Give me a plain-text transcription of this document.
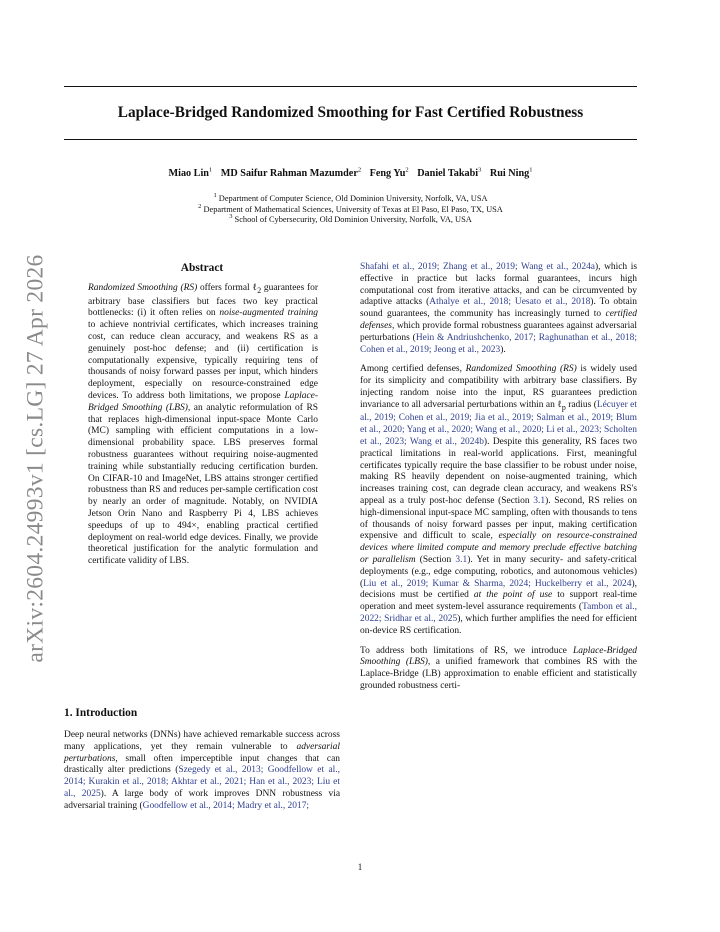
arXiv:2604.24993v1 [cs.LG] 27 Apr 2026
Laplace-Bridged Randomized Smoothing for Fast Certified Robustness
Miao Lin$^1$ MD Saifur Rahman Mazumder$^2$ Feng Yu$^2$ Daniel Takabi$^3$ Rui Ning$^1$
$^1$ Department of Computer Science, Old Dominion University, Norfolk, VA, USA
$^2$ Department of Mathematical Sciences, University of Texas at El Paso, El Paso, TX, USA
$^3$ School of Cybersecurity, Old Dominion University, Norfolk, VA, USA
Abstract

Randomized Smoothing (RS) offers formal ℓ$_2$ guarantees for arbitrary base classifiers but faces two key practical bottlenecks: (i) it often relies on noise-augmented training to achieve nontrivial certificates, which increases training cost, can reduce clean accuracy, and weakens RS as a genuinely post-hoc defense; and (ii) certification is computationally expensive, typically requiring tens of thousands of noisy forward passes per input, which hinders deployment, especially on resource-constrained edge devices. To address both limitations, we propose Laplace-Bridged Smoothing (LBS), an analytic reformulation of RS that replaces high-dimensional input-space Monte Carlo (MC) sampling with efficient computations in a low-dimensional probability space. LBS preserves formal robustness guarantees without requiring noise-augmented training while substantially reducing certification burden. On CIFAR-10 and ImageNet, LBS attains stronger certified robustness than RS and reduces per-sample certification cost by nearly an order of magnitude. Notably, on NVIDIA Jetson Orin Nano and Raspberry Pi 4, LBS achieves speedups of up to 494×, enabling practical certified deployment on real-world edge devices. Finally, we provide theoretical justification for the analytic formulation and certificate validity of LBS.

1. Introduction

Deep neural networks (DNNs) have achieved remarkable success across many applications, yet they remain vulnerable to adversarial perturbations, small often imperceptible input changes that can drastically alter predictions (Szegedy et al., 2013; Goodfellow et al., 2014; Kurakin et al., 2018; Akhtar et al., 2021; Han et al., 2023; Liu et al., 2025). A large body of work improves DNN robustness via adversarial training (Goodfellow et al., 2014; Madry et al., 2017;

Shafahi et al., 2019; Zhang et al., 2019; Wang et al., 2024a), which is effective in practice but lacks formal guarantees, incurs high computational cost from iterative attacks, and can be circumvented by adaptive attacks (Athalye et al., 2018; Uesato et al., 2018). To obtain sound guarantees, the community has increasingly turned to certified defenses, which provide formal robustness guarantees against adversarial perturbations (Hein & Andriushchenko, 2017; Raghunathan et al., 2018; Cohen et al., 2019; Jeong et al., 2023).

Among certified defenses, Randomized Smoothing (RS) is widely used for its simplicity and compatibility with arbitrary base classifiers. By injecting random noise into the input, RS guarantees prediction invariance to all adversarial perturbations within an ℓ$_p$ radius (Lécuyer et al., 2019; Cohen et al., 2019; Jia et al., 2019; Salman et al., 2019; Blum et al., 2020; Yang et al., 2020; Wang et al., 2020; Li et al., 2023; Scholten et al., 2023; Wang et al., 2024b). Despite this generality, RS faces two practical limitations in real-world applications. First, meaningful certificates typically require the base classifier to be robust under noise, making RS heavily dependent on noise-augmented training, which increases training cost, can degrade clean accuracy, and weakens RS's appeal as a truly post-hoc defense (Section 3.1). Second, RS relies on high-dimensional input-space MC sampling, often with thousands to tens of thousands of noisy forward passes per input, making certification expensive and difficult to scale, especially on resource-constrained devices where limited compute and memory preclude effective batching or parallelism (Section 3.1). Yet in many security- and safety-critical deployments (e.g., edge computing, robotics, and autonomous vehicles) (Liu et al., 2019; Kumar & Sharma, 2024; Huckelberry et al., 2024), decisions must be certified at the point of use to support real-time operation and meet system-level assurance requirements (Tambon et al., 2022; Sridhar et al., 2025), which further amplifies the need for efficient on-device RS certification.

To address both limitations of RS, we introduce Laplace-Bridged Smoothing (LBS), a unified framework that combines RS with the Laplace-Bridge (LB) approximation to enable efficient and statistically grounded robustness certi-

1
